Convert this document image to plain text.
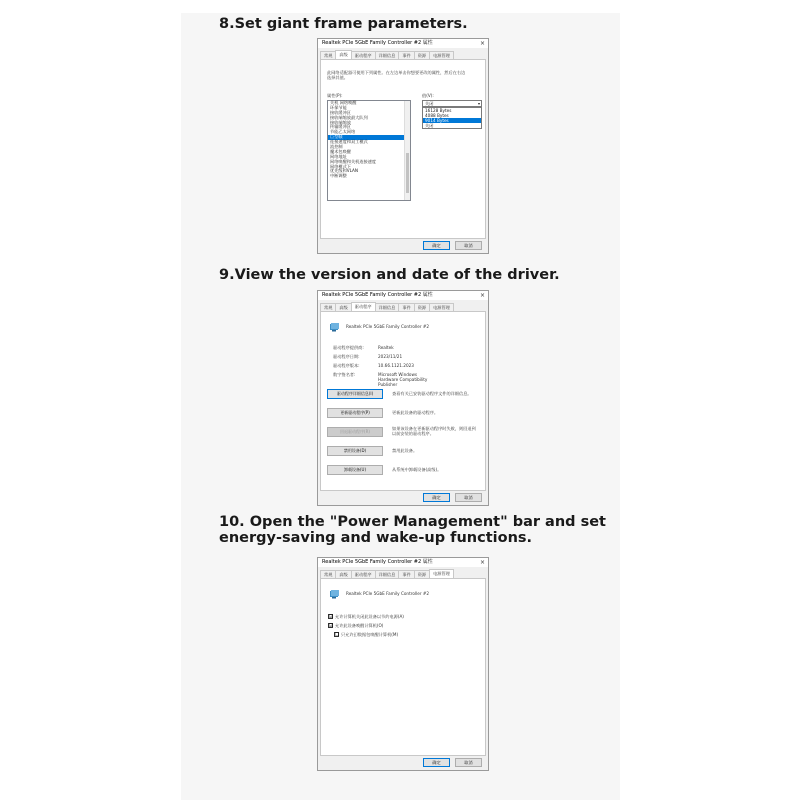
8.Set giant frame parameters.
Realtek PCIe 5GbE Family Controller #2 属性	×
常规	高级	驱动程序	详细信息	事件	资源	电源管理
此网络适配器可使用下列属性。在左边单击你想要更改的属性，然后在右边
选择其值。
属性(P):	值(V):
关机 网络唤醒
环保节能
接收缓冲区
接收端缩放最大队列
接收端缩放
传输缓冲区
节能乙太网络
巨型帧
连接速度和双工模式
流控制
魔术包唤醒
网络地址
网络唤醒和关机连接速度
网络模式下
优先级和VLAN
中断调整
关闭	▾
16128 Bytes
4088 Bytes
9014 Bytes
关闭
确定	取消
9.View the version and date of the driver.
Realtek PCIe 5GbE Family Controller #2 属性	×
常规	高级	驱动程序	详细信息	事件	资源	电源管理
Realtek PCIe 5GbE Family Controller #2
驱动程序提供商:	Realtek
驱动程序日期:	2023/11/21
驱动程序版本:	10.66.1121.2023
数字签名者:	Microsoft Windows Hardware Compatibility Publisher
驱动程序详细信息(I)	查看有关已安装驱动程序文件的详细信息。
更新驱动程序(P)	更新此设备的驱动程序。
回退驱动程序(R)
如果该设备在更新驱动程序时失败，则回退到以前安装的驱动程序。
禁用设备(D)	禁用此设备。
卸载设备(U)	从系统中卸载设备(高级)。
确定	取消
10. Open the "Power Management" bar and set
energy-saving and wake-up functions.
Realtek PCIe 5GbE Family Controller #2 属性	×
常规	高级	驱动程序	详细信息	事件	资源	电源管理
Realtek PCIe 5GbE Family Controller #2
☑ 允许计算机关闭此设备以节约电源(A)
☑ 允许此设备唤醒计算机(O)
☐ 只允许幻数据包唤醒计算机(M)
确定	取消
